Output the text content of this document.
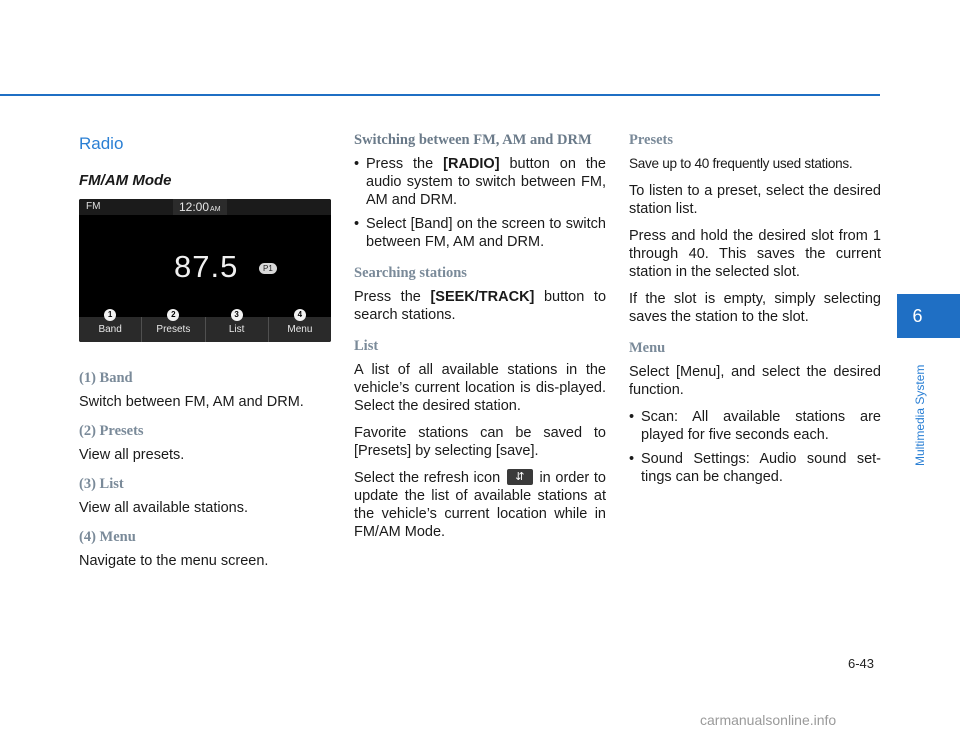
Radio
FM/AM Mode
FM	12:00AM
87.5	P1
1
Band
2
Presets
3
List
4
Menu
(1) Band

Switch between FM, AM and DRM.

(2) Presets

View all presets.

(3) List

View all available stations.

(4) Menu

Navigate to the menu screen.

Switching between FM, AM and DRM
• Press the [RADIO] button on the audio system to switch between FM, AM and DRM.
• Select [Band] on the screen to switch between FM, AM and DRM.
Searching stations

Press the [SEEK/TRACK] button to search stations.

List

A list of all available stations in the vehicle’s current location is dis-played. Select the desired station.

Favorite stations can be saved to [Presets] by selecting [save].

Select the refresh icon ⇵ in order to update the list of available stations at the vehicle’s current location while in FM/AM Mode.

Presets

Save up to 40 frequently used stations.

To listen to a preset, select the desired station list.

Press and hold the desired slot from 1 through 40. This saves the current station in the selected slot.

If the slot is empty, simply selecting saves the station to the slot.

Menu

Select [Menu], and select the desired function.

• Scan: All available stations are played for five seconds each.
• Sound Settings: Audio sound set-tings can be changed.
6
Multimedia System
6-43
carmanualsonline.info
